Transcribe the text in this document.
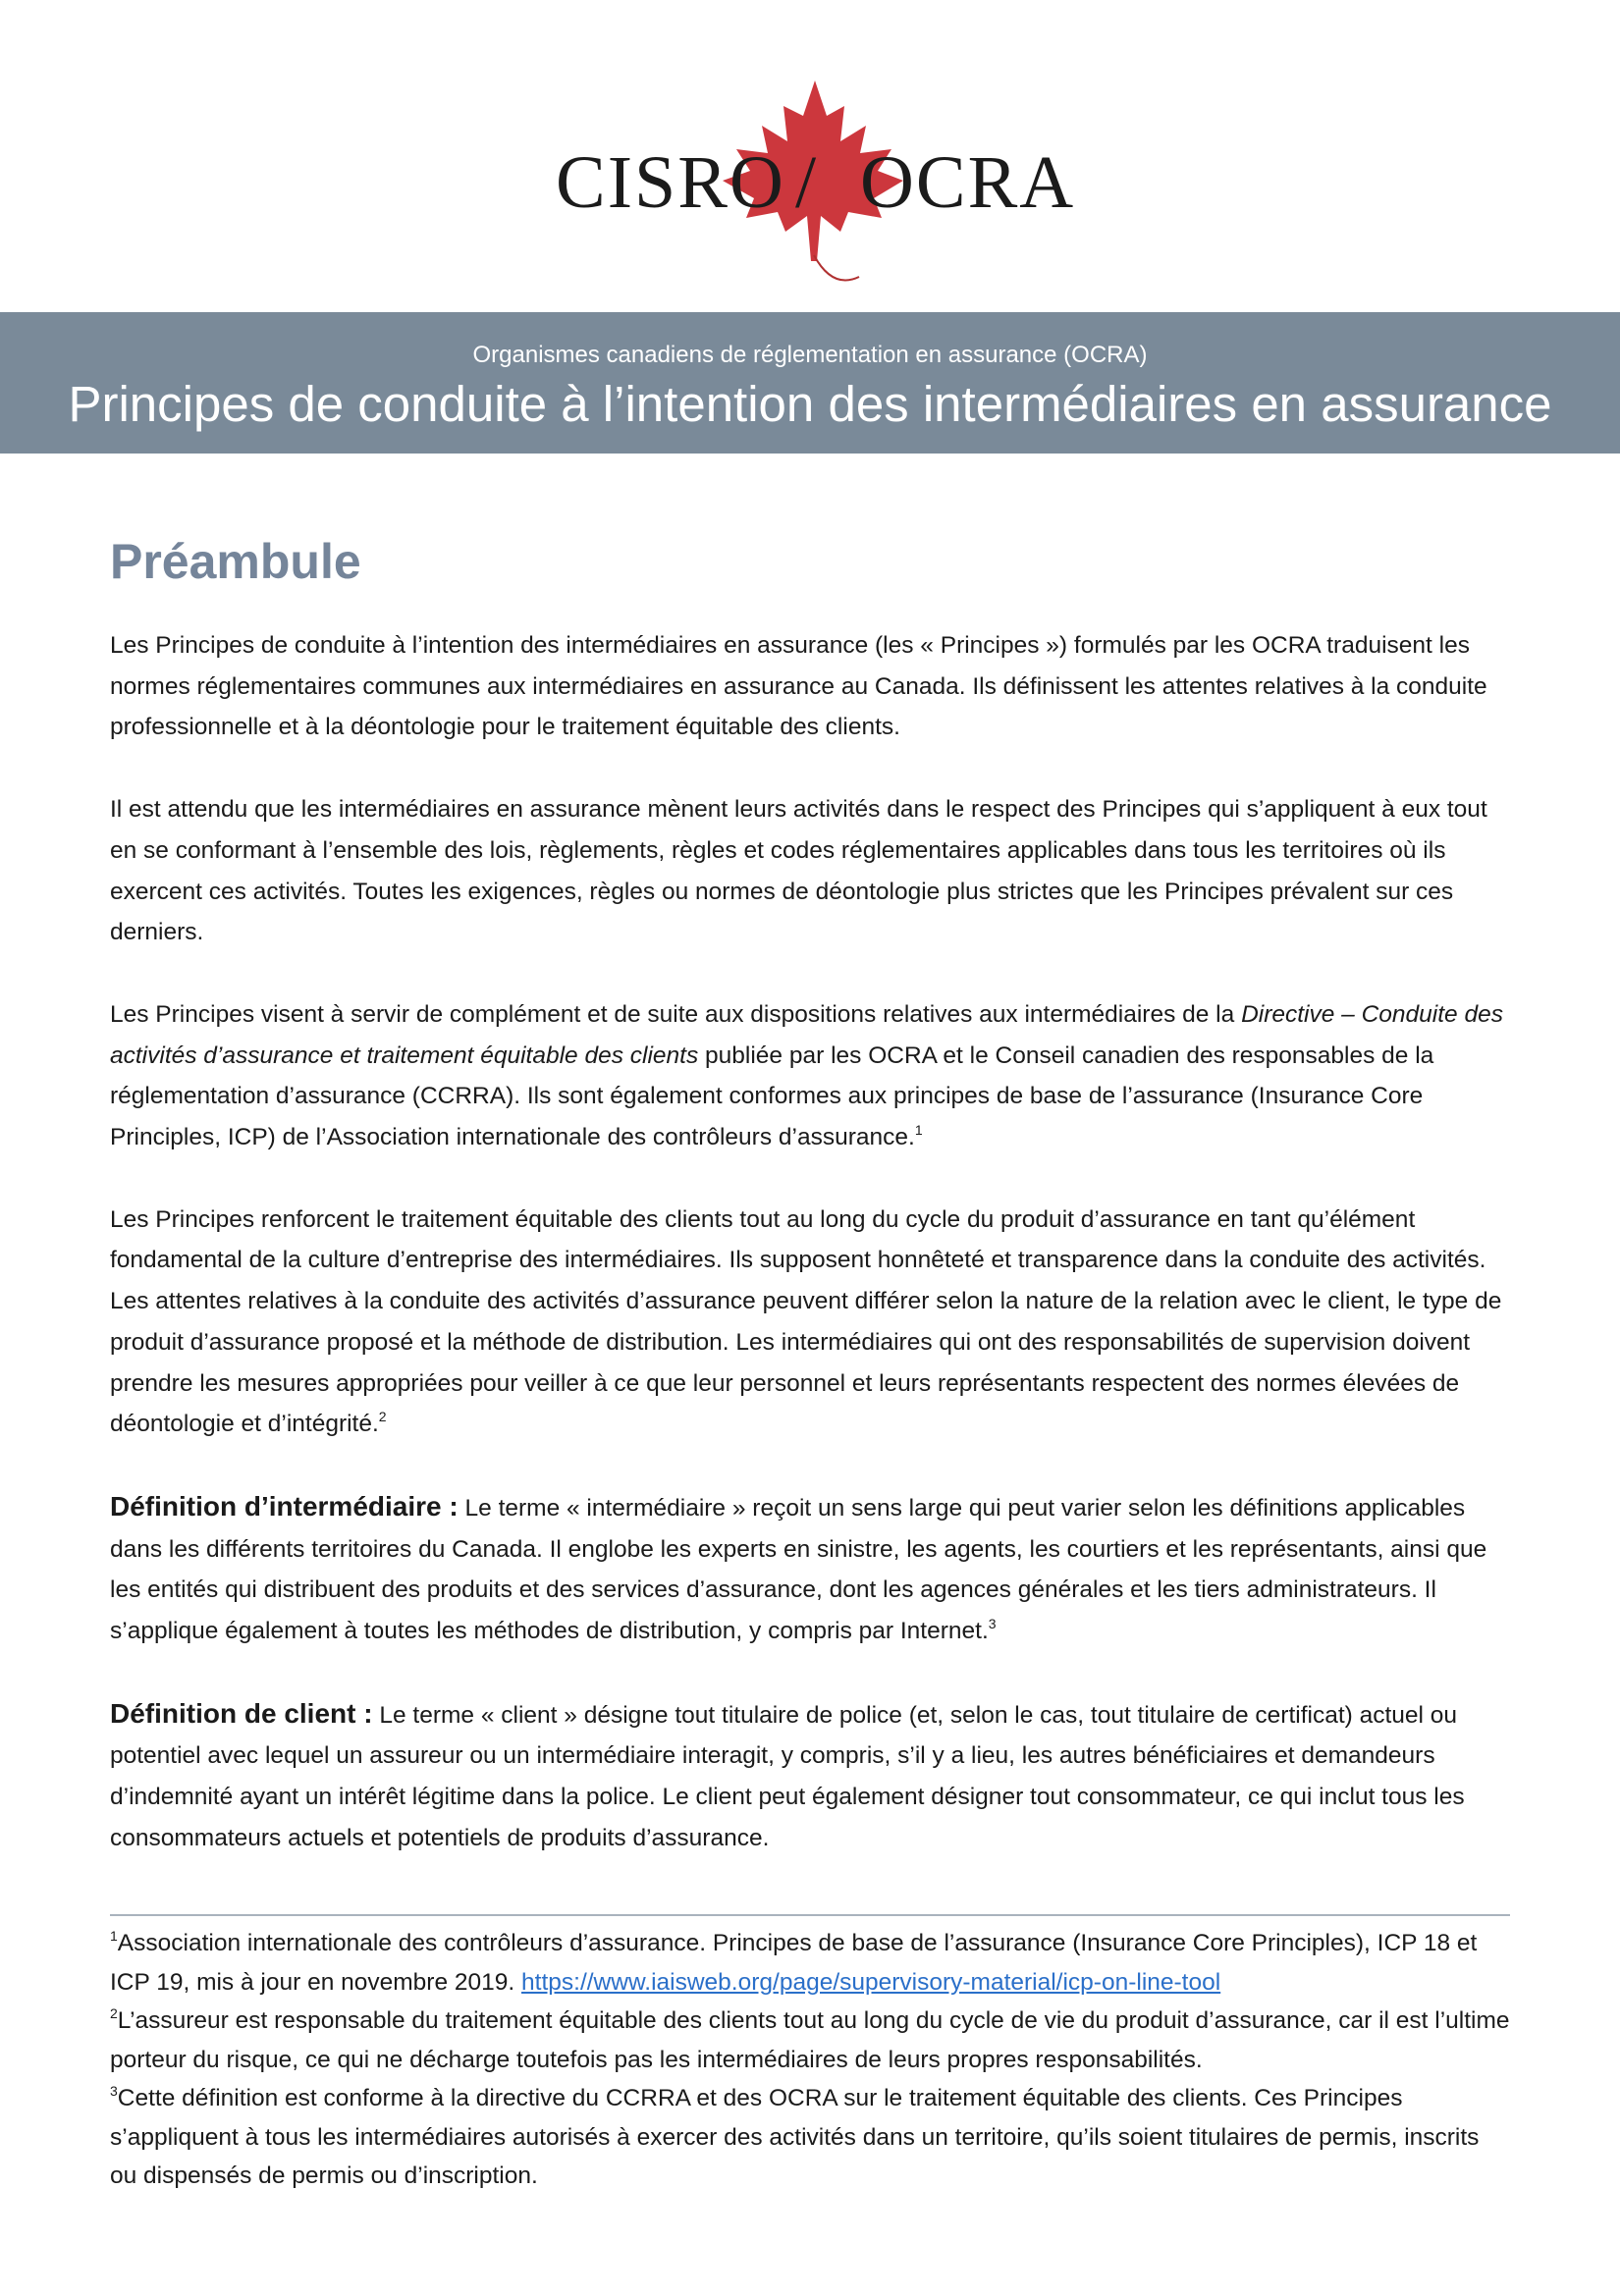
CISRO / OCRA
Organismes canadiens de réglementation en assurance (OCRA)
Principes de conduite à l’intention des intermédiaires en assurance
Préambule

Les Principes de conduite à l’intention des intermédiaires en assurance (les « Principes ») formulés par les OCRA traduisent les normes réglementaires communes aux intermédiaires en assurance au Canada. Ils définissent les attentes relatives à la conduite professionnelle et à la déontologie pour le traitement équitable des clients.

Il est attendu que les intermédiaires en assurance mènent leurs activités dans le respect des Principes qui s’appliquent à eux tout en se conformant à l’ensemble des lois, règlements, règles et codes réglementaires applicables dans tous les territoires où ils exercent ces activités. Toutes les exigences, règles ou normes de déontologie plus strictes que les Principes prévalent sur ces derniers.

Les Principes visent à servir de complément et de suite aux dispositions relatives aux intermédiaires de la Directive – Conduite des activités d’assurance et traitement équitable des clients publiée par les OCRA et le Conseil canadien des responsables de la réglementation d’assurance (CCRRA). Ils sont également conformes aux principes de base de l’assurance (Insurance Core Principles, ICP) de l’Association internationale des contrôleurs d’assurance.$^1$

Les Principes renforcent le traitement équitable des clients tout au long du cycle du produit d’assurance en tant qu’élément fondamental de la culture d’entreprise des intermédiaires. Ils supposent honnêteté et transparence dans la conduite des activités. Les attentes relatives à la conduite des activités d’assurance peuvent différer selon la nature de la relation avec le client, le type de produit d’assurance proposé et la méthode de distribution. Les intermédiaires qui ont des responsabilités de supervision doivent prendre les mesures appropriées pour veiller à ce que leur personnel et leurs représentants respectent des normes élevées de déontologie et d’intégrité.$^2$

Définition d’intermédiaire : Le terme « intermédiaire » reçoit un sens large qui peut varier selon les définitions applicables dans les différents territoires du Canada. Il englobe les experts en sinistre, les agents, les courtiers et les représentants, ainsi que les entités qui distribuent des produits et des services d’assurance, dont les agences générales et les tiers administrateurs. Il s’applique également à toutes les méthodes de distribution, y compris par Internet.$^3$

Définition de client : Le terme « client » désigne tout titulaire de police (et, selon le cas, tout titulaire de certificat) actuel ou potentiel avec lequel un assureur ou un intermédiaire interagit, y compris, s’il y a lieu, les autres bénéficiaires et demandeurs d’indemnité ayant un intérêt légitime dans la police. Le client peut également désigner tout consommateur, ce qui inclut tous les consommateurs actuels et potentiels de produits d’assurance.

$^1$Association internationale des contrôleurs d’assurance. Principes de base de l’assurance (Insurance Core Principles), ICP 18 et ICP 19, mis à jour en novembre 2019. https://www.iaisweb.org/page/supervisory-material/icp-on-line-tool

$^2$L’assureur est responsable du traitement équitable des clients tout au long du cycle de vie du produit d’assurance, car il est l’ultime porteur du risque, ce qui ne décharge toutefois pas les intermédiaires de leurs propres responsabilités.

$^3$Cette définition est conforme à la directive du CCRRA et des OCRA sur le traitement équitable des clients. Ces Principes s’appliquent à tous les intermédiaires autorisés à exercer des activités dans un territoire, qu’ils soient titulaires de permis, inscrits ou dispensés de permis ou d’inscription.
